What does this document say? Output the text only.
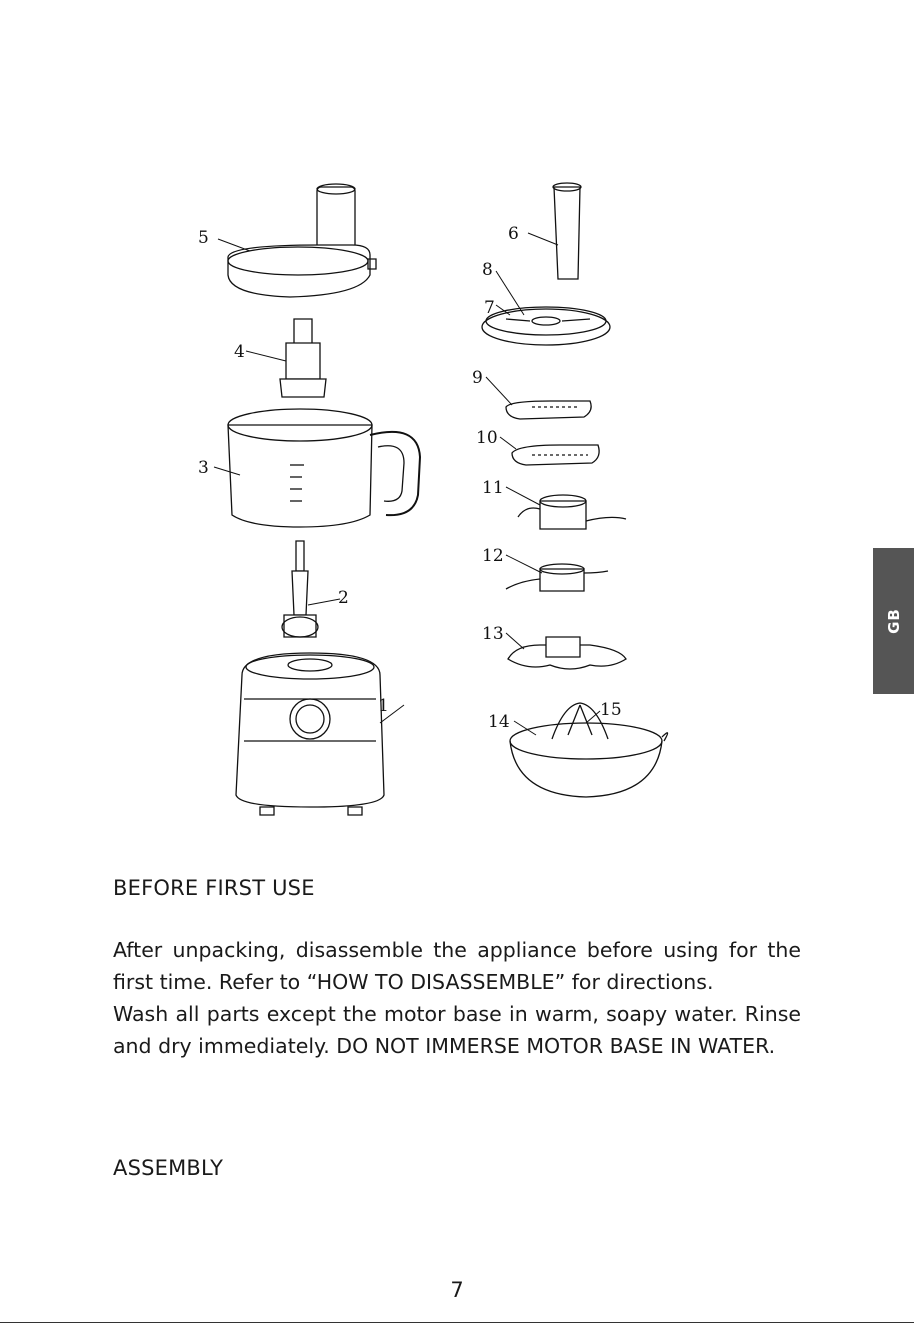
1
2
3
4
5	6
7
8
9
10
11
12
13
14
15
GB
BEFORE FIRST USE

After unpacking, disassemble the appliance before using for the first time. Refer to “HOW TO DISASSEMBLE” for directions.

Wash all parts except the motor base in warm, soapy water. Rinse and dry immediately. DO NOT IMMERSE MOTOR BASE IN WATER.

ASSEMBLY
7
